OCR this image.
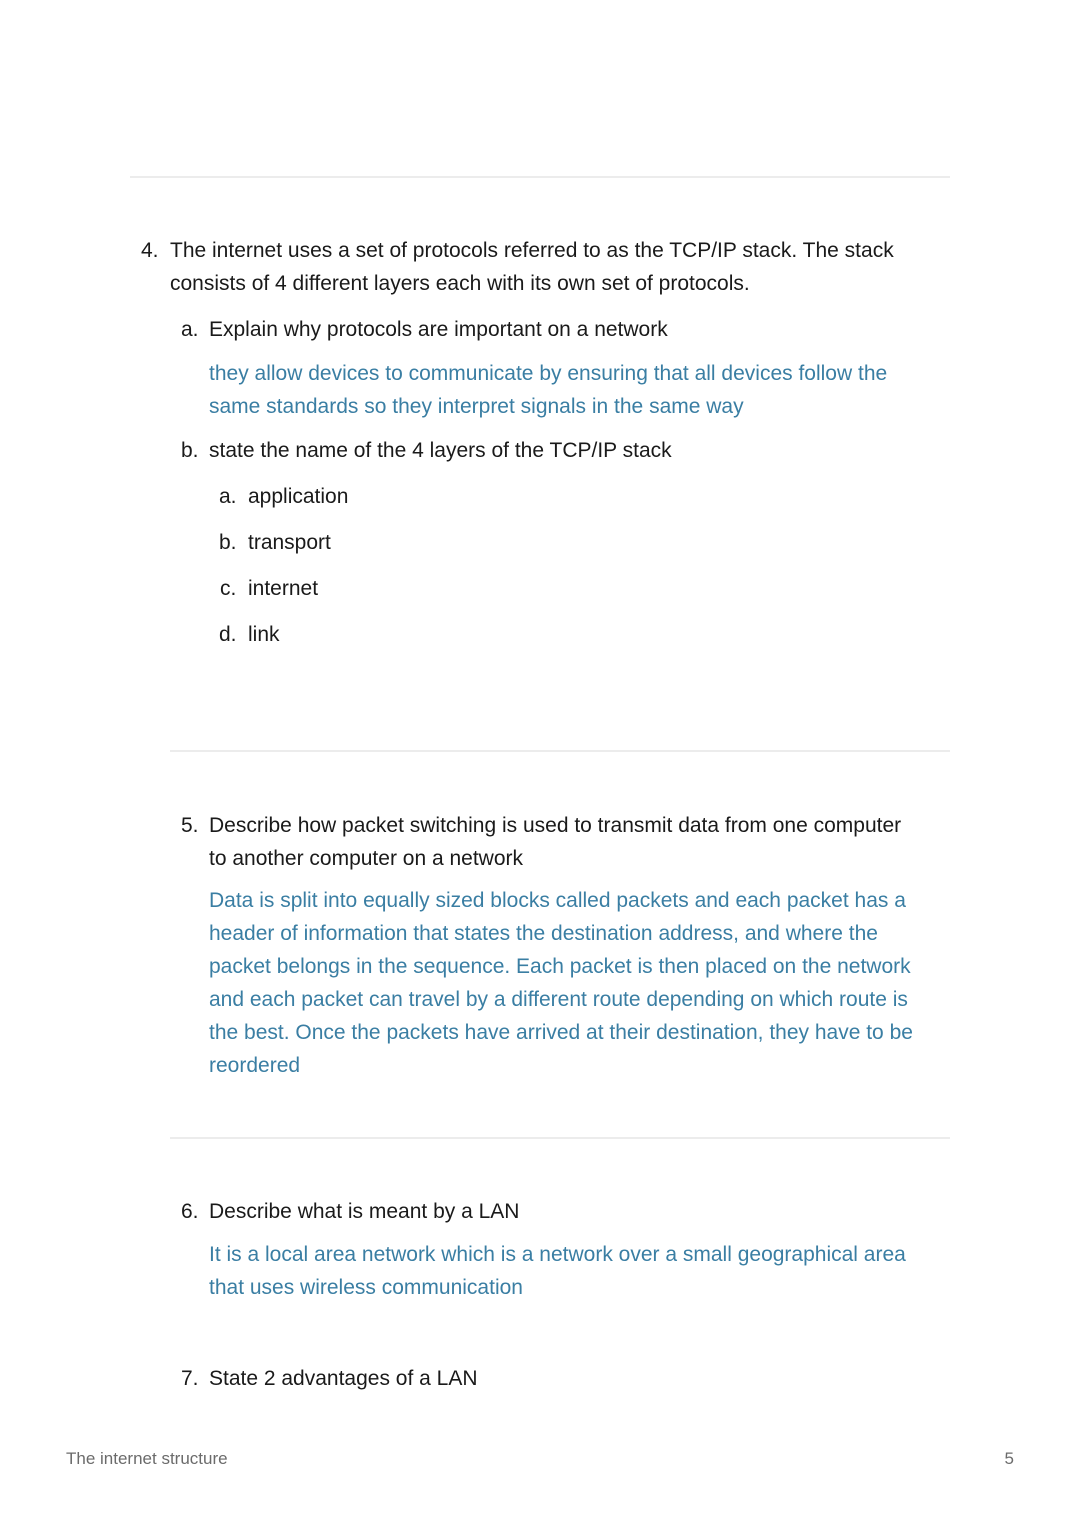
4. The internet uses a set of protocols referred to as the TCP/IP stack. The stack
consists of 4 different layers each with its own set of protocols.
a. Explain why protocols are important on a network
they allow devices to communicate by ensuring that all devices follow the
same standards so they interpret signals in the same way
b. state the name of the 4 layers of the TCP/IP stack
a. application
b. transport
c. internet
d. link
5. Describe how packet switching is used to transmit data from one computer
to another computer on a network
Data is split into equally sized blocks called packets and each packet has a
header of information that states the destination address, and where the
packet belongs in the sequence. Each packet is then placed on the network
and each packet can travel by a different route depending on which route is
the best. Once the packets have arrived at their destination, they have to be
reordered
6. Describe what is meant by a LAN
It is a local area network which is a network over a small geographical area
that uses wireless communication
7. State 2 advantages of a LAN
The internet structure	5
